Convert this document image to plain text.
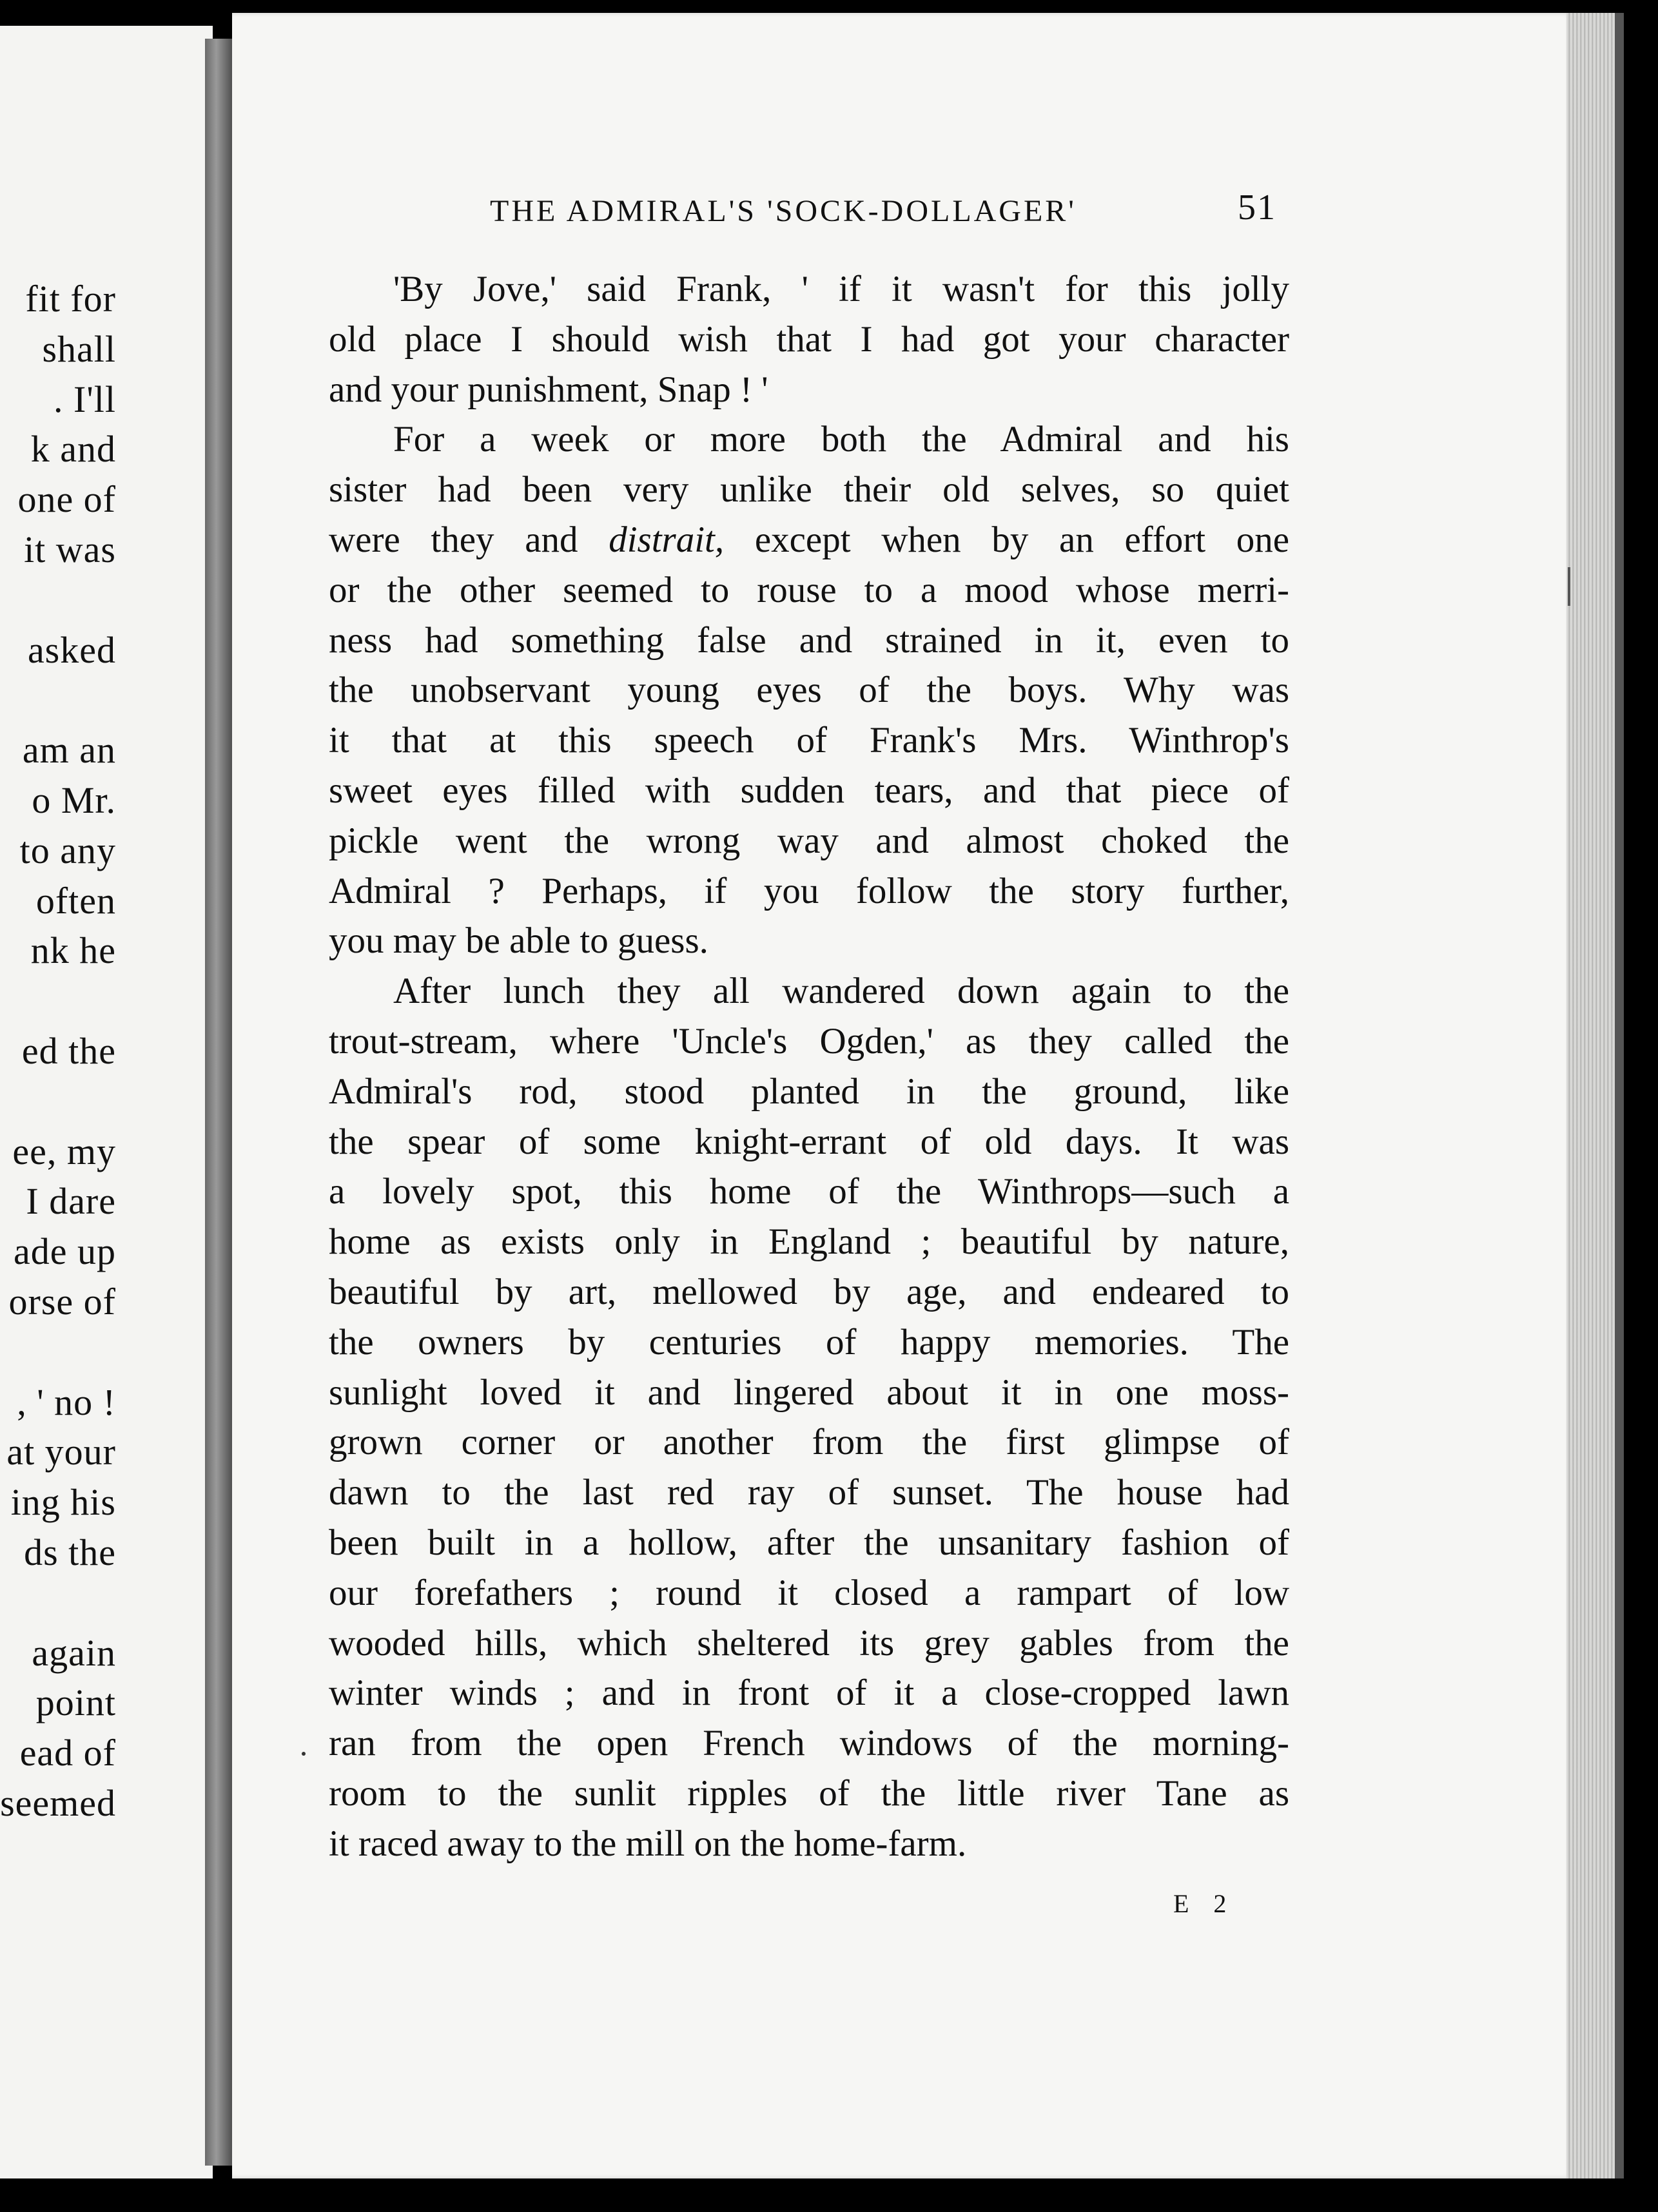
fit for
shall
. I'll
k and
one of
it was
asked
am an
o Mr.
to any
often
nk he
ed the
ee, my
I dare
ade up
orse of
, ' no !
at your
ing his
ds the
again
point
ead of
seemed
THE ADMIRAL'S 'SOCK-DOLLAGER'	51
'By Jove,' said Frank, ' if it wasn't for this jolly
old place I should wish that I had got your character
and your punishment, Snap ! '
For a week or more both the Admiral and his
sister had been very unlike their old selves, so quiet
were they and distrait, except when by an effort one
or the other seemed to rouse to a mood whose merri-
ness had something false and strained in it, even to
the unobservant young eyes of the boys. Why was
it that at this speech of Frank's Mrs. Winthrop's
sweet eyes filled with sudden tears, and that piece of
pickle went the wrong way and almost choked the
Admiral ? Perhaps, if you follow the story further,
you may be able to guess.
After lunch they all wandered down again to the
trout-stream, where 'Uncle's Ogden,' as they called the
Admiral's rod, stood planted in the ground, like
the spear of some knight-errant of old days. It was
a lovely spot, this home of the Winthrops—such a
home as exists only in England ; beautiful by nature,
beautiful by art, mellowed by age, and endeared to
the owners by centuries of happy memories. The
sunlight loved it and lingered about it in one moss-
grown corner or another from the first glimpse of
dawn to the last red ray of sunset. The house had
been built in a hollow, after the unsanitary fashion of
our forefathers ; round it closed a rampart of low
wooded hills, which sheltered its grey gables from the
winter winds ; and in front of it a close-cropped lawn
ran from the open French windows of the morning-
room to the sunlit ripples of the little river Tane as
it raced away to the mill on the home-farm.
E 2
